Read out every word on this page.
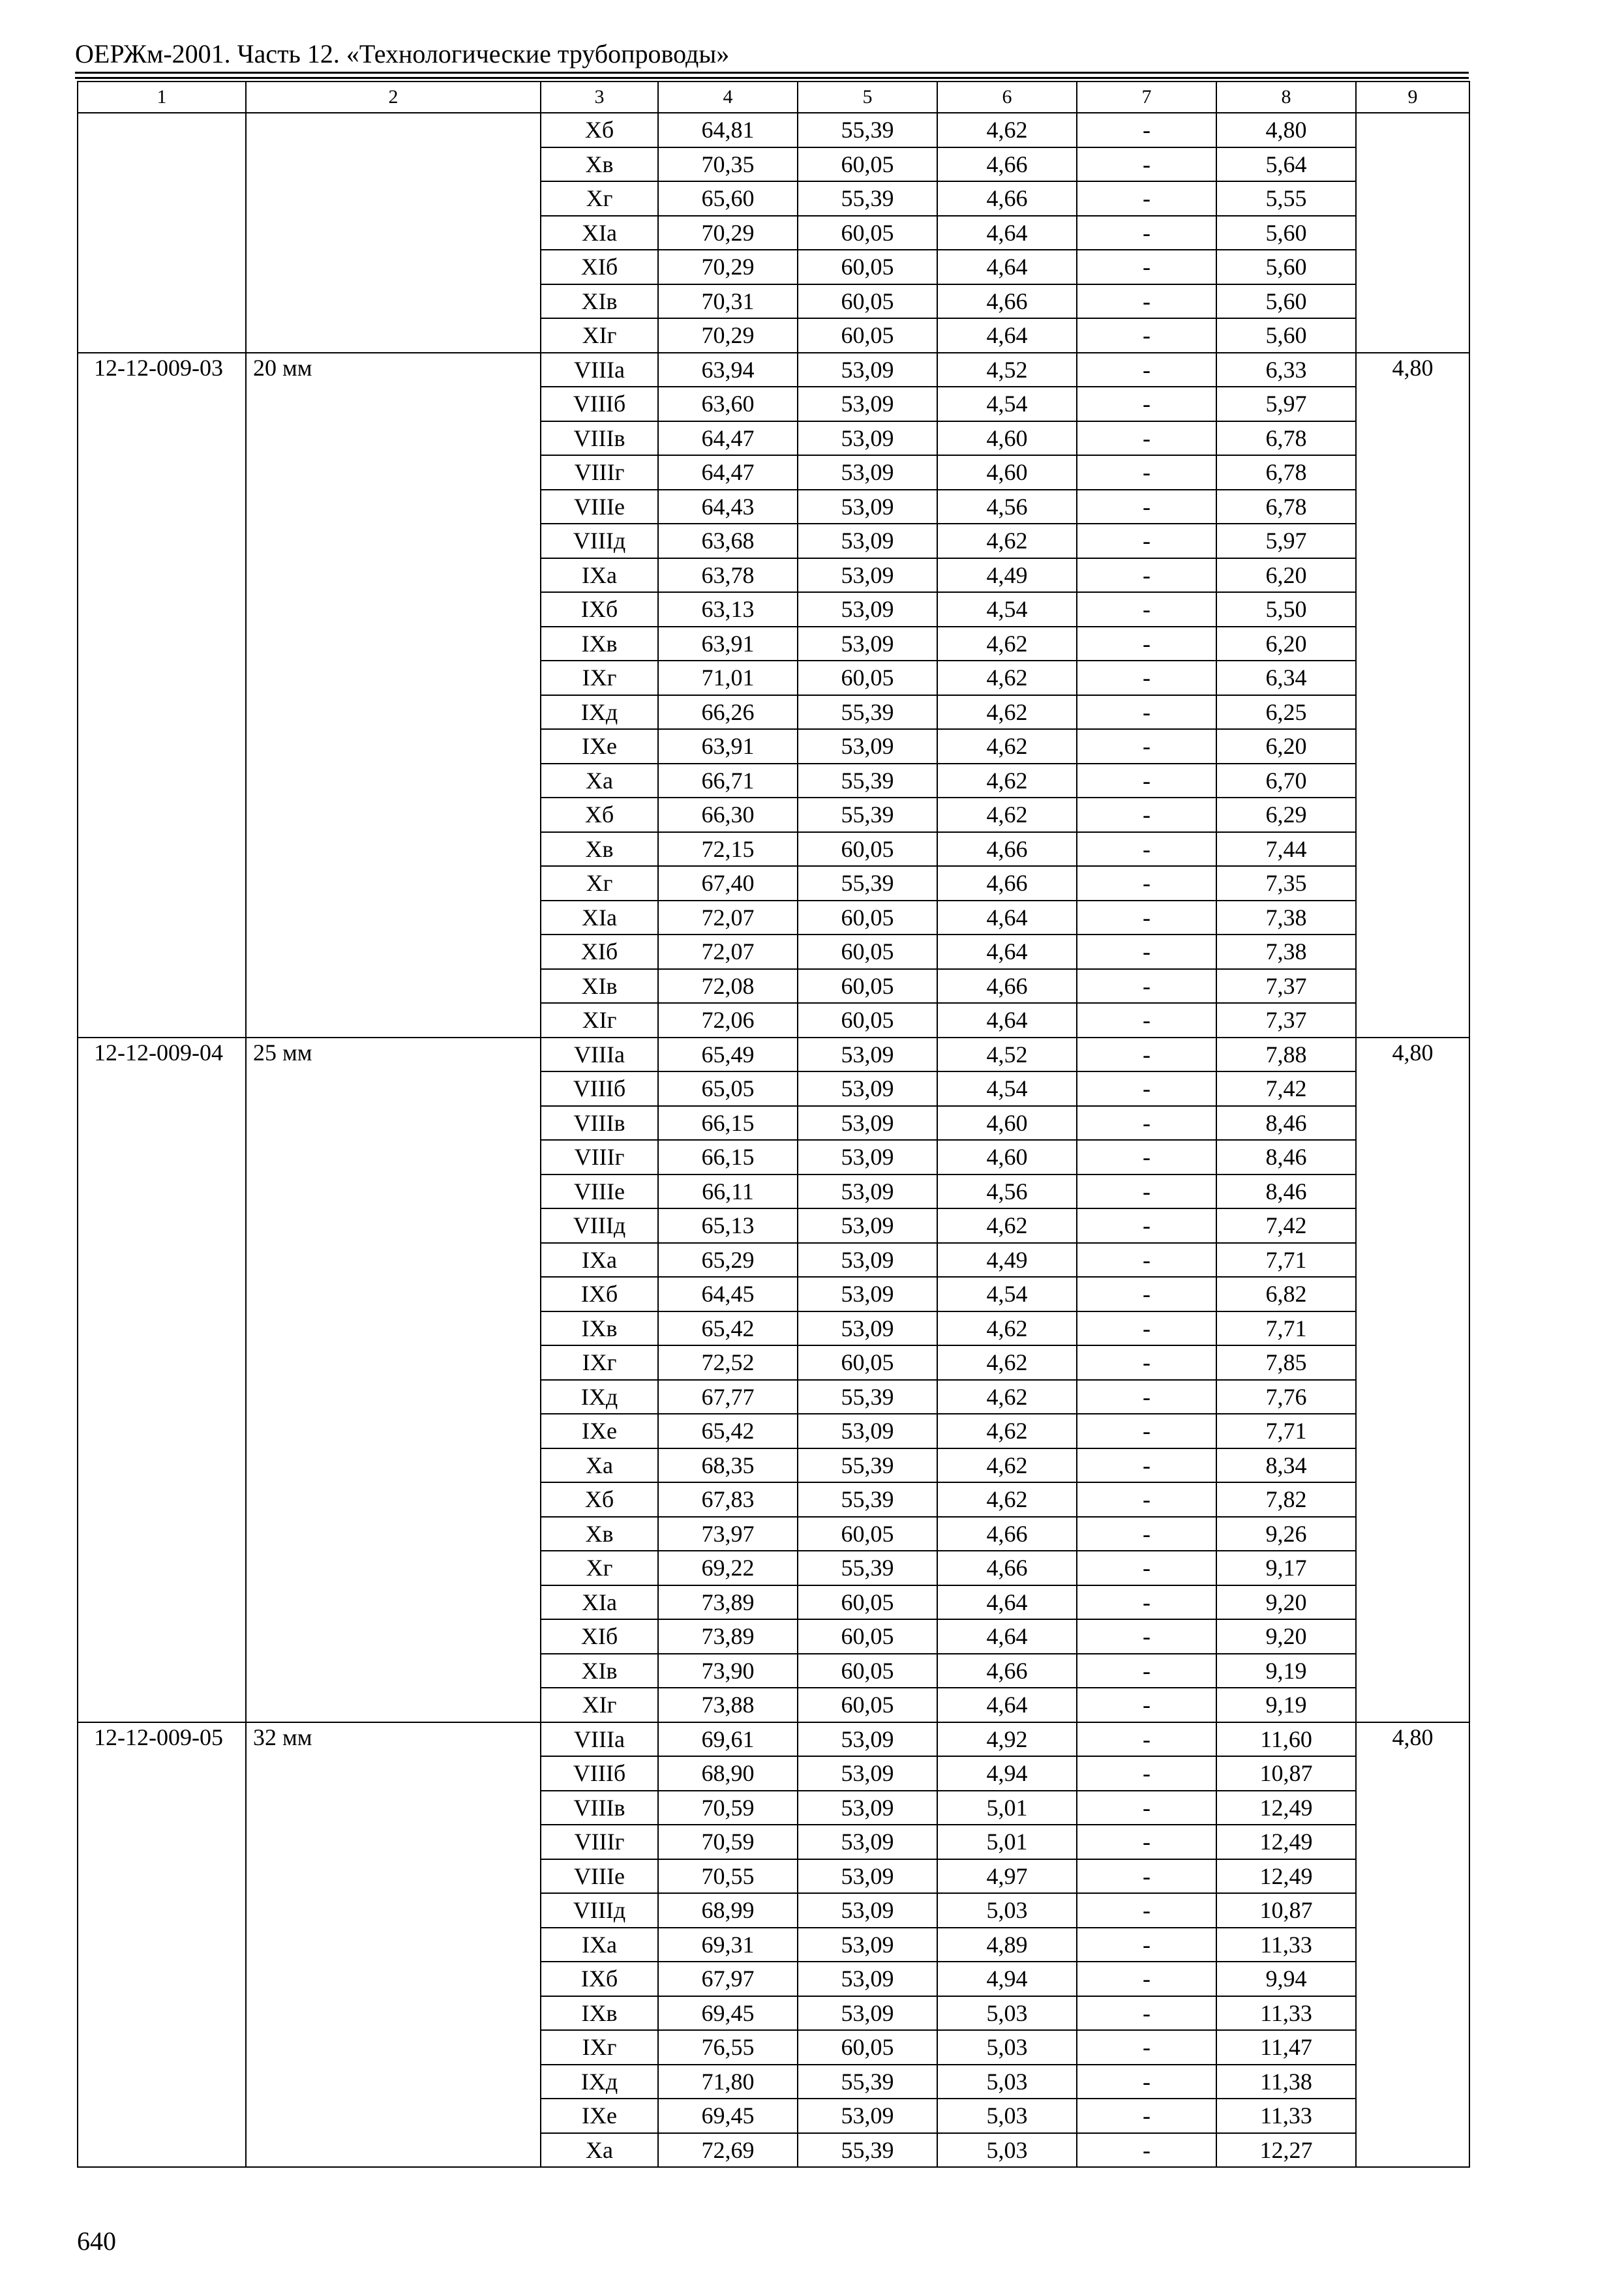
ОЕРЖм-2001. Часть 12. «Технологические трубопроводы»
1	2	3	4	5	6	7	8	9
		Хб	64,81	55,39	4,62	-	4,80	
		Хв	70,35	60,05	4,66	-	5,64	
		Хг	65,60	55,39	4,66	-	5,55	
		ХIа	70,29	60,05	4,64	-	5,60	
		ХIб	70,29	60,05	4,64	-	5,60	
		ХIв	70,31	60,05	4,66	-	5,60	
		ХIг	70,29	60,05	4,64	-	5,60	
12-12-009-03	20 мм	VIIIа	63,94	53,09	4,52	-	6,33	4,80
		VIIIб	63,60	53,09	4,54	-	5,97	
		VIIIв	64,47	53,09	4,60	-	6,78	
		VIIIг	64,47	53,09	4,60	-	6,78	
		VIIIе	64,43	53,09	4,56	-	6,78	
		VIIIд	63,68	53,09	4,62	-	5,97	
		IХа	63,78	53,09	4,49	-	6,20	
		IХб	63,13	53,09	4,54	-	5,50	
		IХв	63,91	53,09	4,62	-	6,20	
		IХг	71,01	60,05	4,62	-	6,34	
		IХд	66,26	55,39	4,62	-	6,25	
		IХе	63,91	53,09	4,62	-	6,20	
		Ха	66,71	55,39	4,62	-	6,70	
		Хб	66,30	55,39	4,62	-	6,29	
		Хв	72,15	60,05	4,66	-	7,44	
		Хг	67,40	55,39	4,66	-	7,35	
		ХIа	72,07	60,05	4,64	-	7,38	
		ХIб	72,07	60,05	4,64	-	7,38	
		ХIв	72,08	60,05	4,66	-	7,37	
		ХIг	72,06	60,05	4,64	-	7,37	
12-12-009-04	25 мм	VIIIа	65,49	53,09	4,52	-	7,88	4,80
		VIIIб	65,05	53,09	4,54	-	7,42	
		VIIIв	66,15	53,09	4,60	-	8,46	
		VIIIг	66,15	53,09	4,60	-	8,46	
		VIIIе	66,11	53,09	4,56	-	8,46	
		VIIIд	65,13	53,09	4,62	-	7,42	
		IХа	65,29	53,09	4,49	-	7,71	
		IХб	64,45	53,09	4,54	-	6,82	
		IХв	65,42	53,09	4,62	-	7,71	
		IХг	72,52	60,05	4,62	-	7,85	
		IХд	67,77	55,39	4,62	-	7,76	
		IХе	65,42	53,09	4,62	-	7,71	
		Ха	68,35	55,39	4,62	-	8,34	
		Хб	67,83	55,39	4,62	-	7,82	
		Хв	73,97	60,05	4,66	-	9,26	
		Хг	69,22	55,39	4,66	-	9,17	
		ХIа	73,89	60,05	4,64	-	9,20	
		ХIб	73,89	60,05	4,64	-	9,20	
		ХIв	73,90	60,05	4,66	-	9,19	
		ХIг	73,88	60,05	4,64	-	9,19	
12-12-009-05	32 мм	VIIIа	69,61	53,09	4,92	-	11,60	4,80
		VIIIб	68,90	53,09	4,94	-	10,87	
		VIIIв	70,59	53,09	5,01	-	12,49	
		VIIIг	70,59	53,09	5,01	-	12,49	
		VIIIе	70,55	53,09	4,97	-	12,49	
		VIIIд	68,99	53,09	5,03	-	10,87	
		IХа	69,31	53,09	4,89	-	11,33	
		IХб	67,97	53,09	4,94	-	9,94	
		IХв	69,45	53,09	5,03	-	11,33	
		IХг	76,55	60,05	5,03	-	11,47	
		IХд	71,80	55,39	5,03	-	11,38	
		IХе	69,45	53,09	5,03	-	11,33	
		Ха	72,69	55,39	5,03	-	12,27	
640
